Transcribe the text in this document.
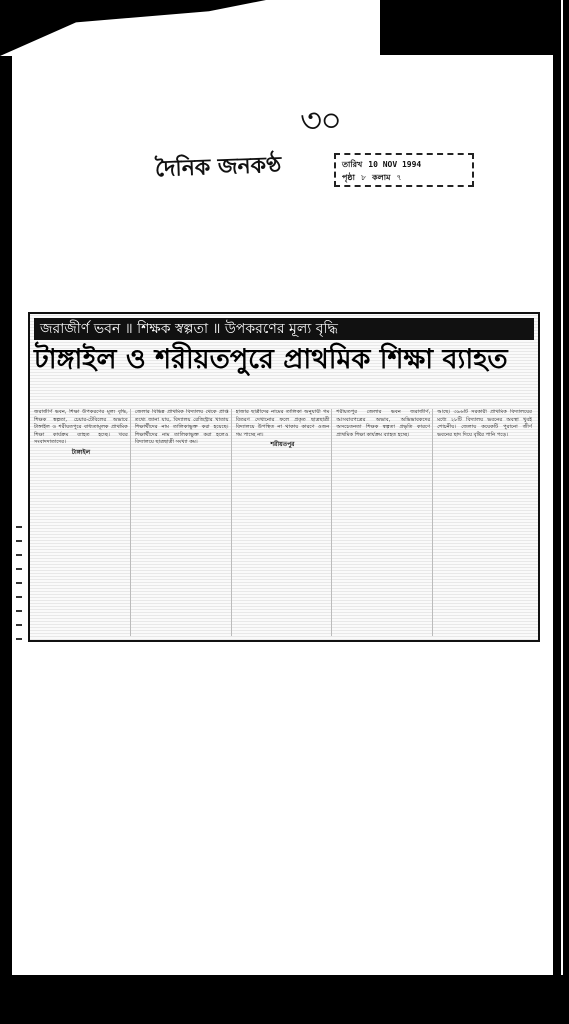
৩০
দৈনিক জনকণ্ঠ	তারিখ 10 NOV 1994
পৃষ্ঠা ৮ কলাম ৭
জরাজীর্ণ ভবন ॥ শিক্ষক স্বল্পতা ॥ উপকরণের মূল্য বৃদ্ধি
টাঙ্গাইল ও শরীয়তপুরে প্রাথমিক শিক্ষা ব্যাহত
জরাজীর্ণ ভবন, শিক্ষা উপকরণের মূল্য বৃদ্ধি, শিক্ষক স্বল্পতা, চেয়ার-টেবিলের অভাবে টাঙ্গাইল ও শরীয়তপুরে বাধ্যতামূলক প্রাথমিক শিক্ষা কার্যক্রম ব্যাহত হচ্ছে। খবর সংবাদদাতাদের।
টাঙ্গাইল
জেলার বিভিন্ন প্রাথমিক বিদ্যালয় থেকে প্রাপ্ত তথ্যে জানা যায়, বিদ্যালয় রেজিস্ট্রার খাতায় শিক্ষার্থীদের নাম তালিকাভুক্ত করা হয়েছে। শিক্ষার্থীদের নাম তালিকাভুক্ত করা হলেও বিদ্যালয়ে ছাত্রছাত্রী সংখ্যা কম।
হাজার ছাত্রীদের নামের তালিকা অনুযায়ী গম বিতরণ দেখানোর ফলে প্রকৃত ছাত্রছাত্রী বিদ্যালয়ে উপস্থিত না থাকায় কারণে ওজন গম পাচ্ছে না।
শরীয়তপুর
শরীয়তপুর জেলার ভবন জরাজীর্ণ, আসবাবপত্রের অভাব, অভিভাবকদের অসচেতনতা শিক্ষক স্বল্পতা প্রভৃতি কারণে প্রাথমিক শিক্ষা কার্যক্রম ব্যাহত হচ্ছে।
আছে। ৩৯৬টি সরকারী প্রাথমিক বিদ্যালয়ের মধ্যে ২৮টি বিদ্যালয় ভবনের অবস্থা খুবই শোচনীয়। জেলায় কয়েকটি পুরানো জীর্ণ ভবনের ছাদ দিয়ে বৃষ্টির পানি পড়ে।
